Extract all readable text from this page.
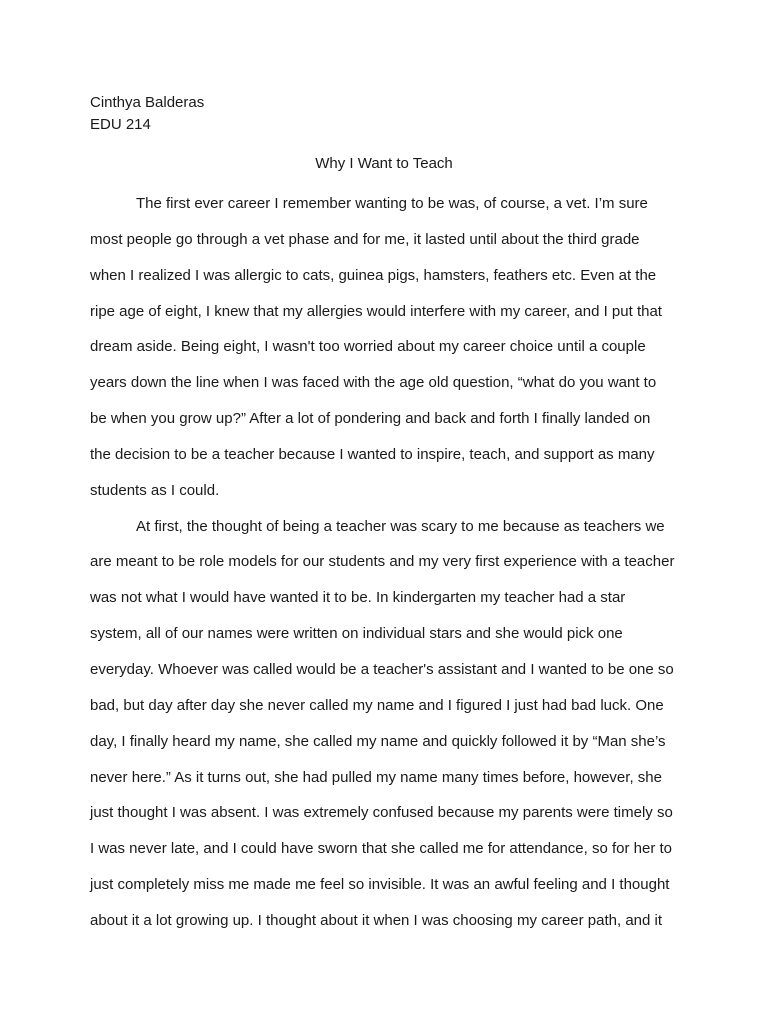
Cinthya Balderas
EDU 214
Why I Want to Teach
The first ever career I remember wanting to be was, of course, a vet. I’m sure
most people go through a vet phase and for me, it lasted until about the third grade
when I realized I was allergic to cats, guinea pigs, hamsters, feathers etc. Even at the
ripe age of eight, I knew that my allergies would interfere with my career, and I put that
dream aside. Being eight, I wasn't too worried about my career choice until a couple
years down the line when I was faced with the age old question, “what do you want to
be when you grow up?” After a lot of pondering and back and forth I finally landed on
the decision to be a teacher because I wanted to inspire, teach, and support as many
students as I could.
At first, the thought of being a teacher was scary to me because as teachers we
are meant to be role models for our students and my very first experience with a teacher
was not what I would have wanted it to be. In kindergarten my teacher had a star
system, all of our names were written on individual stars and she would pick one
everyday. Whoever was called would be a teacher's assistant and I wanted to be one so
bad, but day after day she never called my name and I figured I just had bad luck. One
day, I finally heard my name, she called my name and quickly followed it by “Man she’s
never here.” As it turns out, she had pulled my name many times before, however, she
just thought I was absent. I was extremely confused because my parents were timely so
I was never late, and I could have sworn that she called me for attendance, so for her to
just completely miss me made me feel so invisible. It was an awful feeling and I thought
about it a lot growing up. I thought about it when I was choosing my career path, and it
